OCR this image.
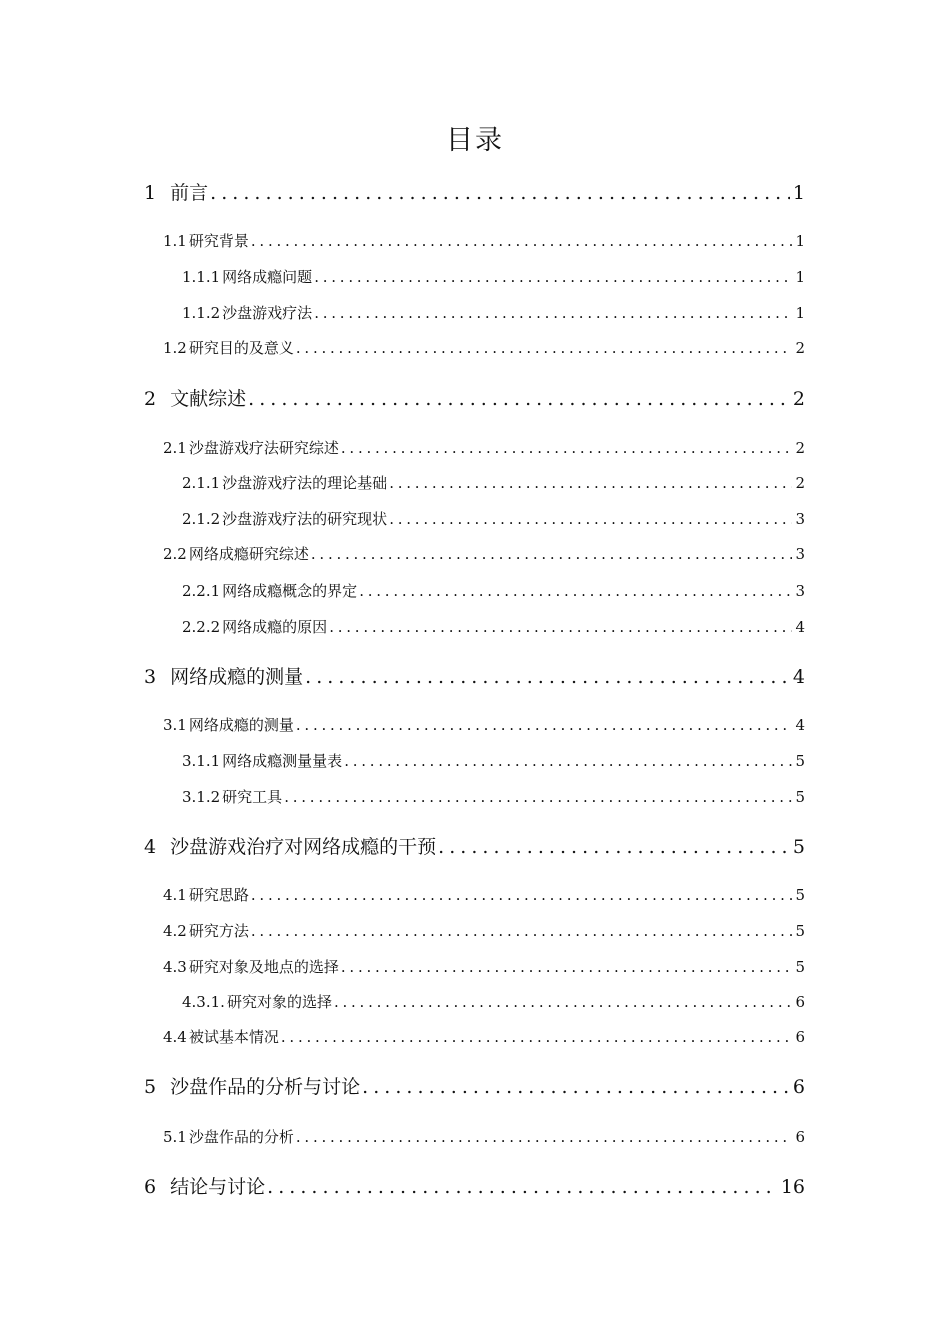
目录
1 前言 . . .	1
1.1 研究背景 . . .	1
1.1.1 网络成瘾问题 . . .	1
1.1.2 沙盘游戏疗法 . . .	1
1.2 研究目的及意义 . . .	2
2 文献综述 . . .	2
2.1 沙盘游戏疗法研究综述 . . .	2
2.1.1 沙盘游戏疗法的理论基础 . . .	2
2.1.2 沙盘游戏疗法的研究现状 . . .	3
2.2 网络成瘾研究综述 . . .	3
2.2.1 网络成瘾概念的界定 . . .	3
2.2.2 网络成瘾的原因 . . .	4
3 网络成瘾的测量 . . .	4
3.1 网络成瘾的测量 . . .	4
3.1.1 网络成瘾测量量表 . . .	5
3.1.2 研究工具 . . .	5
4 沙盘游戏治疗对网络成瘾的干预 . . .	5
4.1 研究思路 . . .	5
4.2 研究方法 . . .	5
4.3 研究对象及地点的选择 . . .	5
4.3.1. 研究对象的选择 . . .	6
4.4 被试基本情况 . . .	6
5 沙盘作品的分析与讨论 . . .	6
5.1 沙盘作品的分析 . . .	6
6 结论与讨论 . . .	16
